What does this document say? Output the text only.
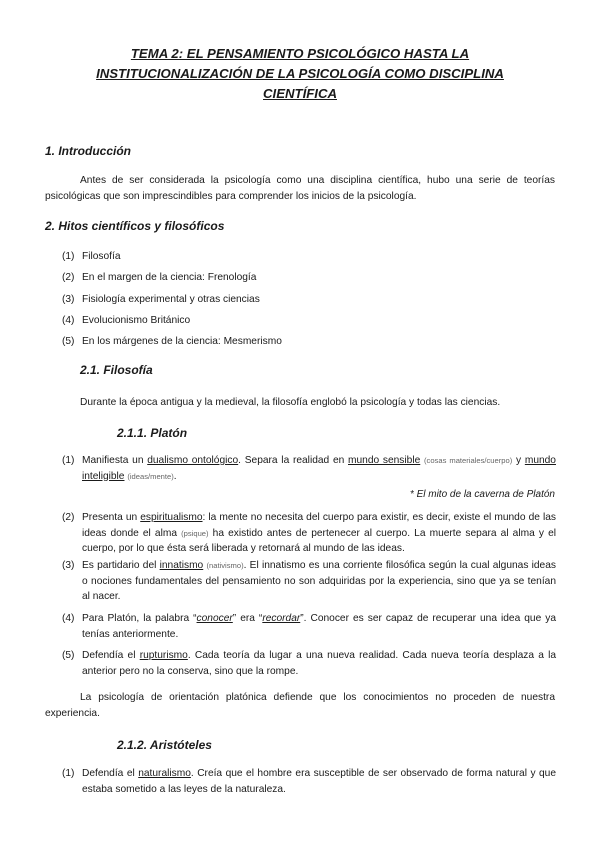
TEMA 2: EL PENSAMIENTO PSICOLÓGICO HASTA LA
INSTITUCIONALIZACIÓN DE LA PSICOLOGÍA COMO DISCIPLINA
CIENTÍFICA
1. Introducción

Antes de ser considerada la psicología como una disciplina científica, hubo una serie de teorías psicológicas que son imprescindibles para comprender los inicios de la psicología.

2. Hitos científicos y filosóficos
(1) Filosofía
(2) En el margen de la ciencia: Frenología
(3) Fisiología experimental y otras ciencias
(4) Evolucionismo Británico
(5) En los márgenes de la ciencia: Mesmerismo
2.1. Filosofía

Durante la época antigua y la medieval, la filosofía englobó la psicología y todas las ciencias.

2.1.1. Platón
(1) Manifiesta un dualismo ontológico. Separa la realidad en mundo sensible (cosas materiales/cuerpo) y mundo inteligible (ideas/mente).

* El mito de la caverna de Platón

(2) Presenta un espiritualismo: la mente no necesita del cuerpo para existir, es decir, existe el mundo de las ideas donde el alma (psique) ha existido antes de pertenecer al cuerpo. La muerte separa al alma y el cuerpo, por lo que ésta será liberada y retornará al mundo de las ideas.
(3) Es partidario del innatismo (nativismo). El innatismo es una corriente filosófica según la cual algunas ideas o nociones fundamentales del pensamiento no son adquiridas por la experiencia, sino que ya se tenían al nacer.
(4) Para Platón, la palabra “conocer” era “recordar”. Conocer es ser capaz de recuperar una idea que ya tenías anteriormente.
(5) Defendía el rupturismo. Cada teoría da lugar a una nueva realidad. Cada nueva teoría desplaza a la anterior pero no la conserva, sino que la rompe.

La psicología de orientación platónica defiende que los conocimientos no proceden de nuestra experiencia.

2.1.2. Aristóteles
(1) Defendía el naturalismo. Creía que el hombre era susceptible de ser observado de forma natural y que estaba sometido a las leyes de la naturaleza.
